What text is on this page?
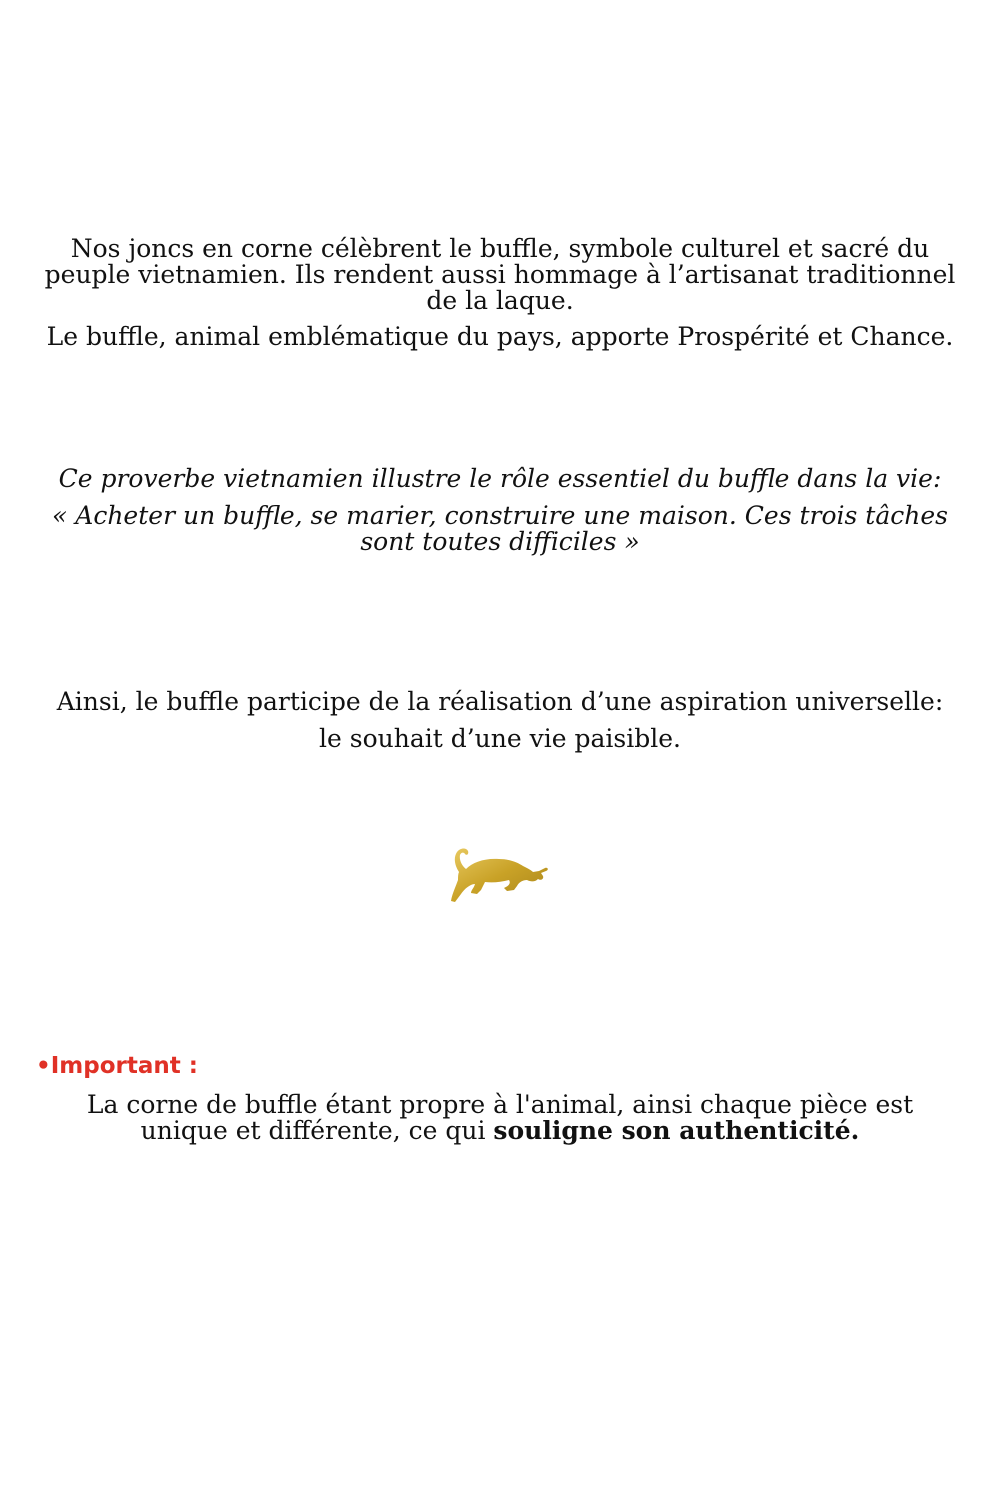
Nos joncs en corne célèbrent le buffle, symbole culturel et sacré du peuple vietnamien. Ils rendent aussi hommage à l’artisanat traditionnel de la laque.

Le buffle, animal emblématique du pays, apporte Prospérité et Chance.

Ce proverbe vietnamien illustre le rôle essentiel du buffle dans la vie:

« Acheter un buffle, se marier, construire une maison. Ces trois tâches sont toutes difficiles »

Ainsi, le buffle participe de la réalisation d’une aspiration universelle:

le souhait d’une vie paisible.

•Important :

La corne de buffle étant propre à l'animal, ainsi chaque pièce est unique et différente, ce qui souligne son authenticité.
